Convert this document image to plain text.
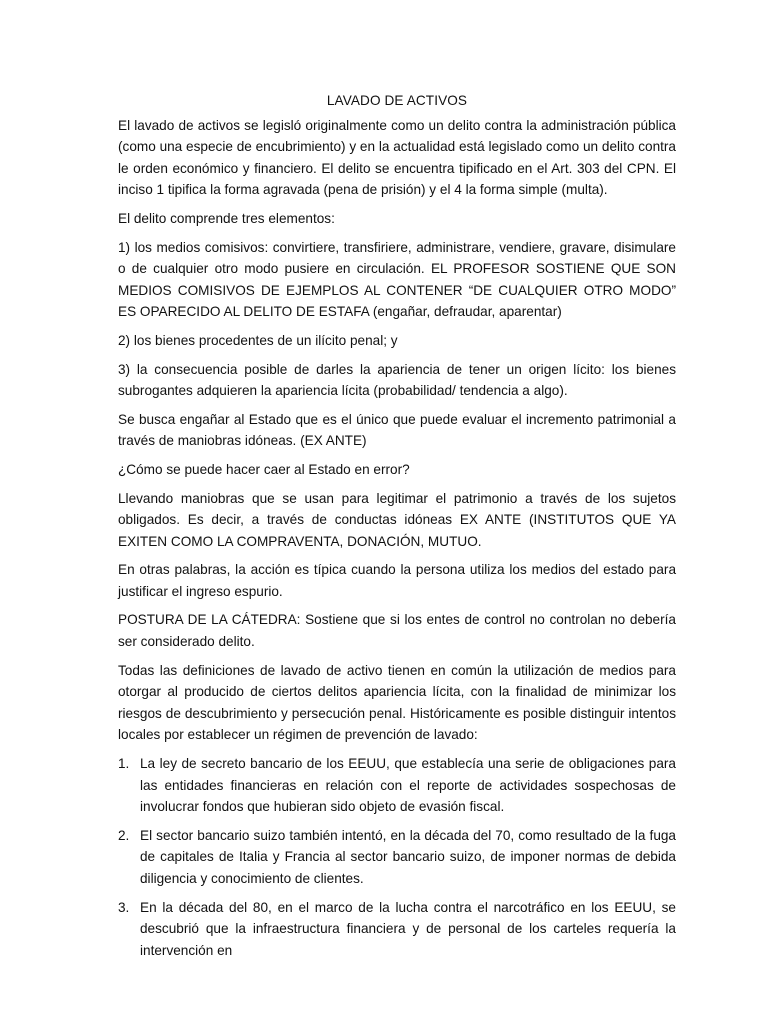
LAVADO DE ACTIVOS

El lavado de activos se legisló originalmente como un delito contra la administración pública (como una especie de encubrimiento) y en la actualidad está legislado como un delito contra le orden económico y financiero. El delito se encuentra tipificado en el Art. 303 del CPN. El inciso 1 tipifica la forma agravada (pena de prisión) y el 4 la forma simple (multa).

El delito comprende tres elementos:

1) los medios comisivos: convirtiere, transfiriere, administrare, vendiere, gravare, disimulare o de cualquier otro modo pusiere en circulación. EL PROFESOR SOSTIENE QUE SON MEDIOS COMISIVOS DE EJEMPLOS AL CONTENER “DE CUALQUIER OTRO MODO” ES OPARECIDO AL DELITO DE ESTAFA (engañar, defraudar, aparentar)

2) los bienes procedentes de un ilícito penal; y

3) la consecuencia posible de darles la apariencia de tener un origen lícito: los bienes subrogantes adquieren la apariencia lícita (probabilidad/ tendencia a algo).

Se busca engañar al Estado que es el único que puede evaluar el incremento patrimonial a través de maniobras idóneas. (EX ANTE)

¿Cómo se puede hacer caer al Estado en error?

Llevando maniobras que se usan para legitimar el patrimonio a través de los sujetos obligados. Es decir, a través de conductas idóneas EX ANTE (INSTITUTOS QUE YA EXITEN COMO LA COMPRAVENTA, DONACIÓN, MUTUO.

En otras palabras, la acción es típica cuando la persona utiliza los medios del estado para justificar el ingreso espurio.

POSTURA DE LA CÁTEDRA: Sostiene que si los entes de control no controlan no debería ser considerado delito.

Todas las definiciones de lavado de activo tienen en común la utilización de medios para otorgar al producido de ciertos delitos apariencia lícita, con la finalidad de minimizar los riesgos de descubrimiento y persecución penal. Históricamente es posible distinguir intentos locales por establecer un régimen de prevención de lavado:

1. La ley de secreto bancario de los EEUU, que establecía una serie de obligaciones para las entidades financieras en relación con el reporte de actividades sospechosas de involucrar fondos que hubieran sido objeto de evasión fiscal.
2. El sector bancario suizo también intentó, en la década del 70, como resultado de la fuga de capitales de Italia y Francia al sector bancario suizo, de imponer normas de debida diligencia y conocimiento de clientes.
3. En la década del 80, en el marco de la lucha contra el narcotráfico en los EEUU, se descubrió que la infraestructura financiera y de personal de los carteles requería la intervención en
